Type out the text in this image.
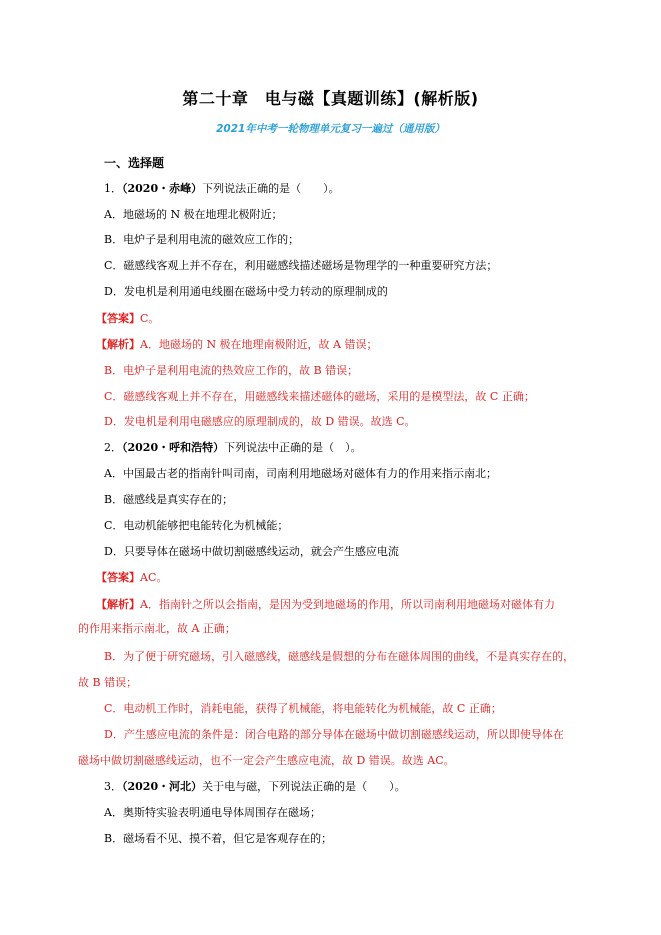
第二十章　电与磁【真题训练】(解析版)
2021年中考一轮物理单元复习一遍过（通用版）
一、选择题
1．（2020・赤峰）下列说法正确的是（　　）。
A．地磁场的 N 极在地理北极附近；
B．电炉子是利用电流的磁效应工作的；
C．磁感线客观上并不存在，利用磁感线描述磁场是物理学的一种重要研究方法；
D．发电机是利用通电线圈在磁场中受力转动的原理制成的
【答案】C。
【解析】A．地磁场的 N 极在地理南极附近，故 A 错误；
B．电炉子是利用电流的热效应工作的，故 B 错误；
C．磁感线客观上并不存在，用磁感线来描述磁体的磁场，采用的是模型法，故 C 正确；
D．发电机是利用电磁感应的原理制成的，故 D 错误。故选 C。
2．（2020・呼和浩特）下列说法中正确的是（　）。
A．中国最古老的指南针叫司南，司南利用地磁场对磁体有力的作用来指示南北；
B．磁感线是真实存在的；
C．电动机能够把电能转化为机械能；
D．只要导体在磁场中做切割磁感线运动，就会产生感应电流
【答案】AC。
【解析】A．指南针之所以会指南，是因为受到地磁场的作用，所以司南利用地磁场对磁体有力
的作用来指示南北，故 A 正确；
B．为了便于研究磁场，引入磁感线，磁感线是假想的分布在磁体周围的曲线，不是真实存在的，
故 B 错误；
C．电动机工作时，消耗电能，获得了机械能，将电能转化为机械能，故 C 正确；
D．产生感应电流的条件是：闭合电路的部分导体在磁场中做切割磁感线运动，所以即使导体在
磁场中做切割磁感线运动，也不一定会产生感应电流，故 D 错误。故选 AC。
3．（2020・河北）关于电与磁，下列说法正确的是（　　）。
A．奥斯特实验表明通电导体周围存在磁场；
B．磁场看不见、摸不着，但它是客观存在的；
